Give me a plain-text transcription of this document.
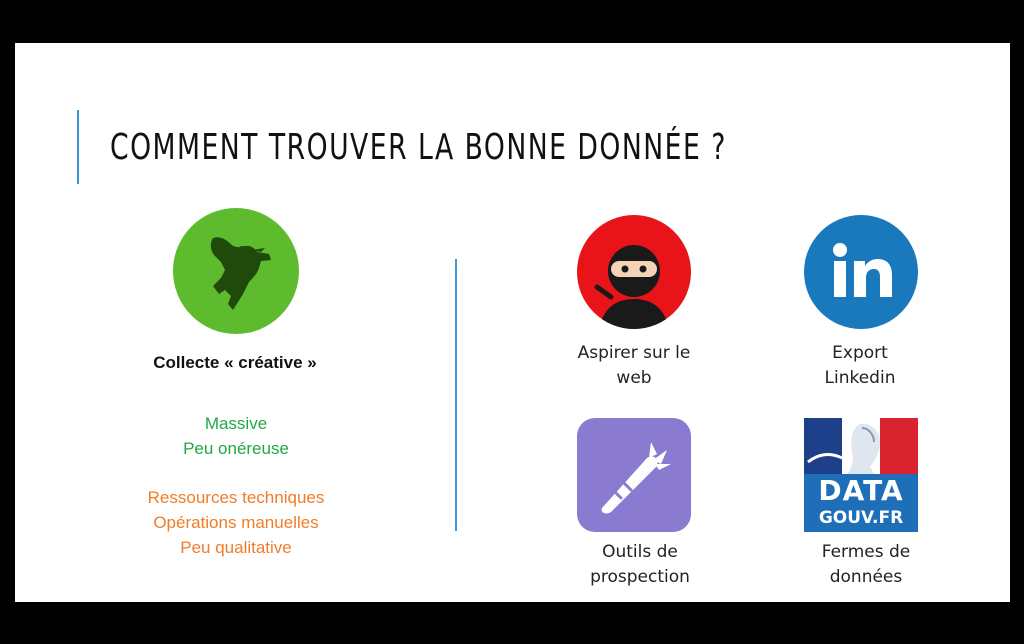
COMMENT TROUVER LA BONNE DONNÉE ?
Collecte « créative »
Massive
Peu onéreuse
Ressources techniques
Opérations manuelles
Peu qualitative
Aspirer sur le
web
Export
Linkedin
Outils de
prospection
DATA
GOUV.FR
Fermes de
données
